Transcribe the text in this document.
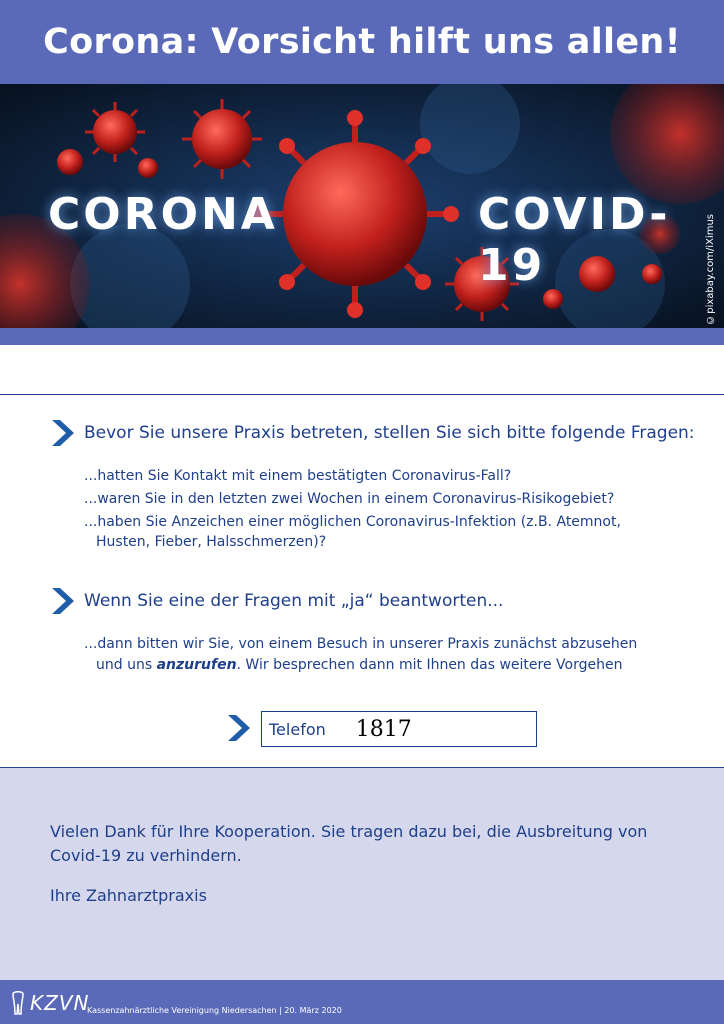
Corona: Vorsicht hilft uns allen!
CORONA	COVID-19	©pixabay.com/iXimus
Bevor Sie unsere Praxis betreten, stellen Sie sich bitte folgende Fragen:
...hatten Sie Kontakt mit einem bestätigten Coronavirus-Fall?
...waren Sie in den letzten zwei Wochen in einem Coronavirus-Risikogebiet?
...haben Sie Anzeichen einer möglichen Coronavirus-Infektion (z.B. Atemnot,
Husten, Fieber, Halsschmerzen)?
Wenn Sie eine der Fragen mit „ja“ beantworten...
...dann bitten wir Sie, von einem Besuch in unserer Praxis zunächst abzusehen
und uns anzurufen. Wir besprechen dann mit Ihnen das weitere Vorgehen
Telefon 1817

Vielen Dank für Ihre Kooperation. Sie tragen dazu bei, die Ausbreitung von Covid-19 zu verhindern.

Ihre Zahnarztpraxis

KZVN
Kassenzahnärztliche Vereinigung Niedersachen | 20. März 2020
